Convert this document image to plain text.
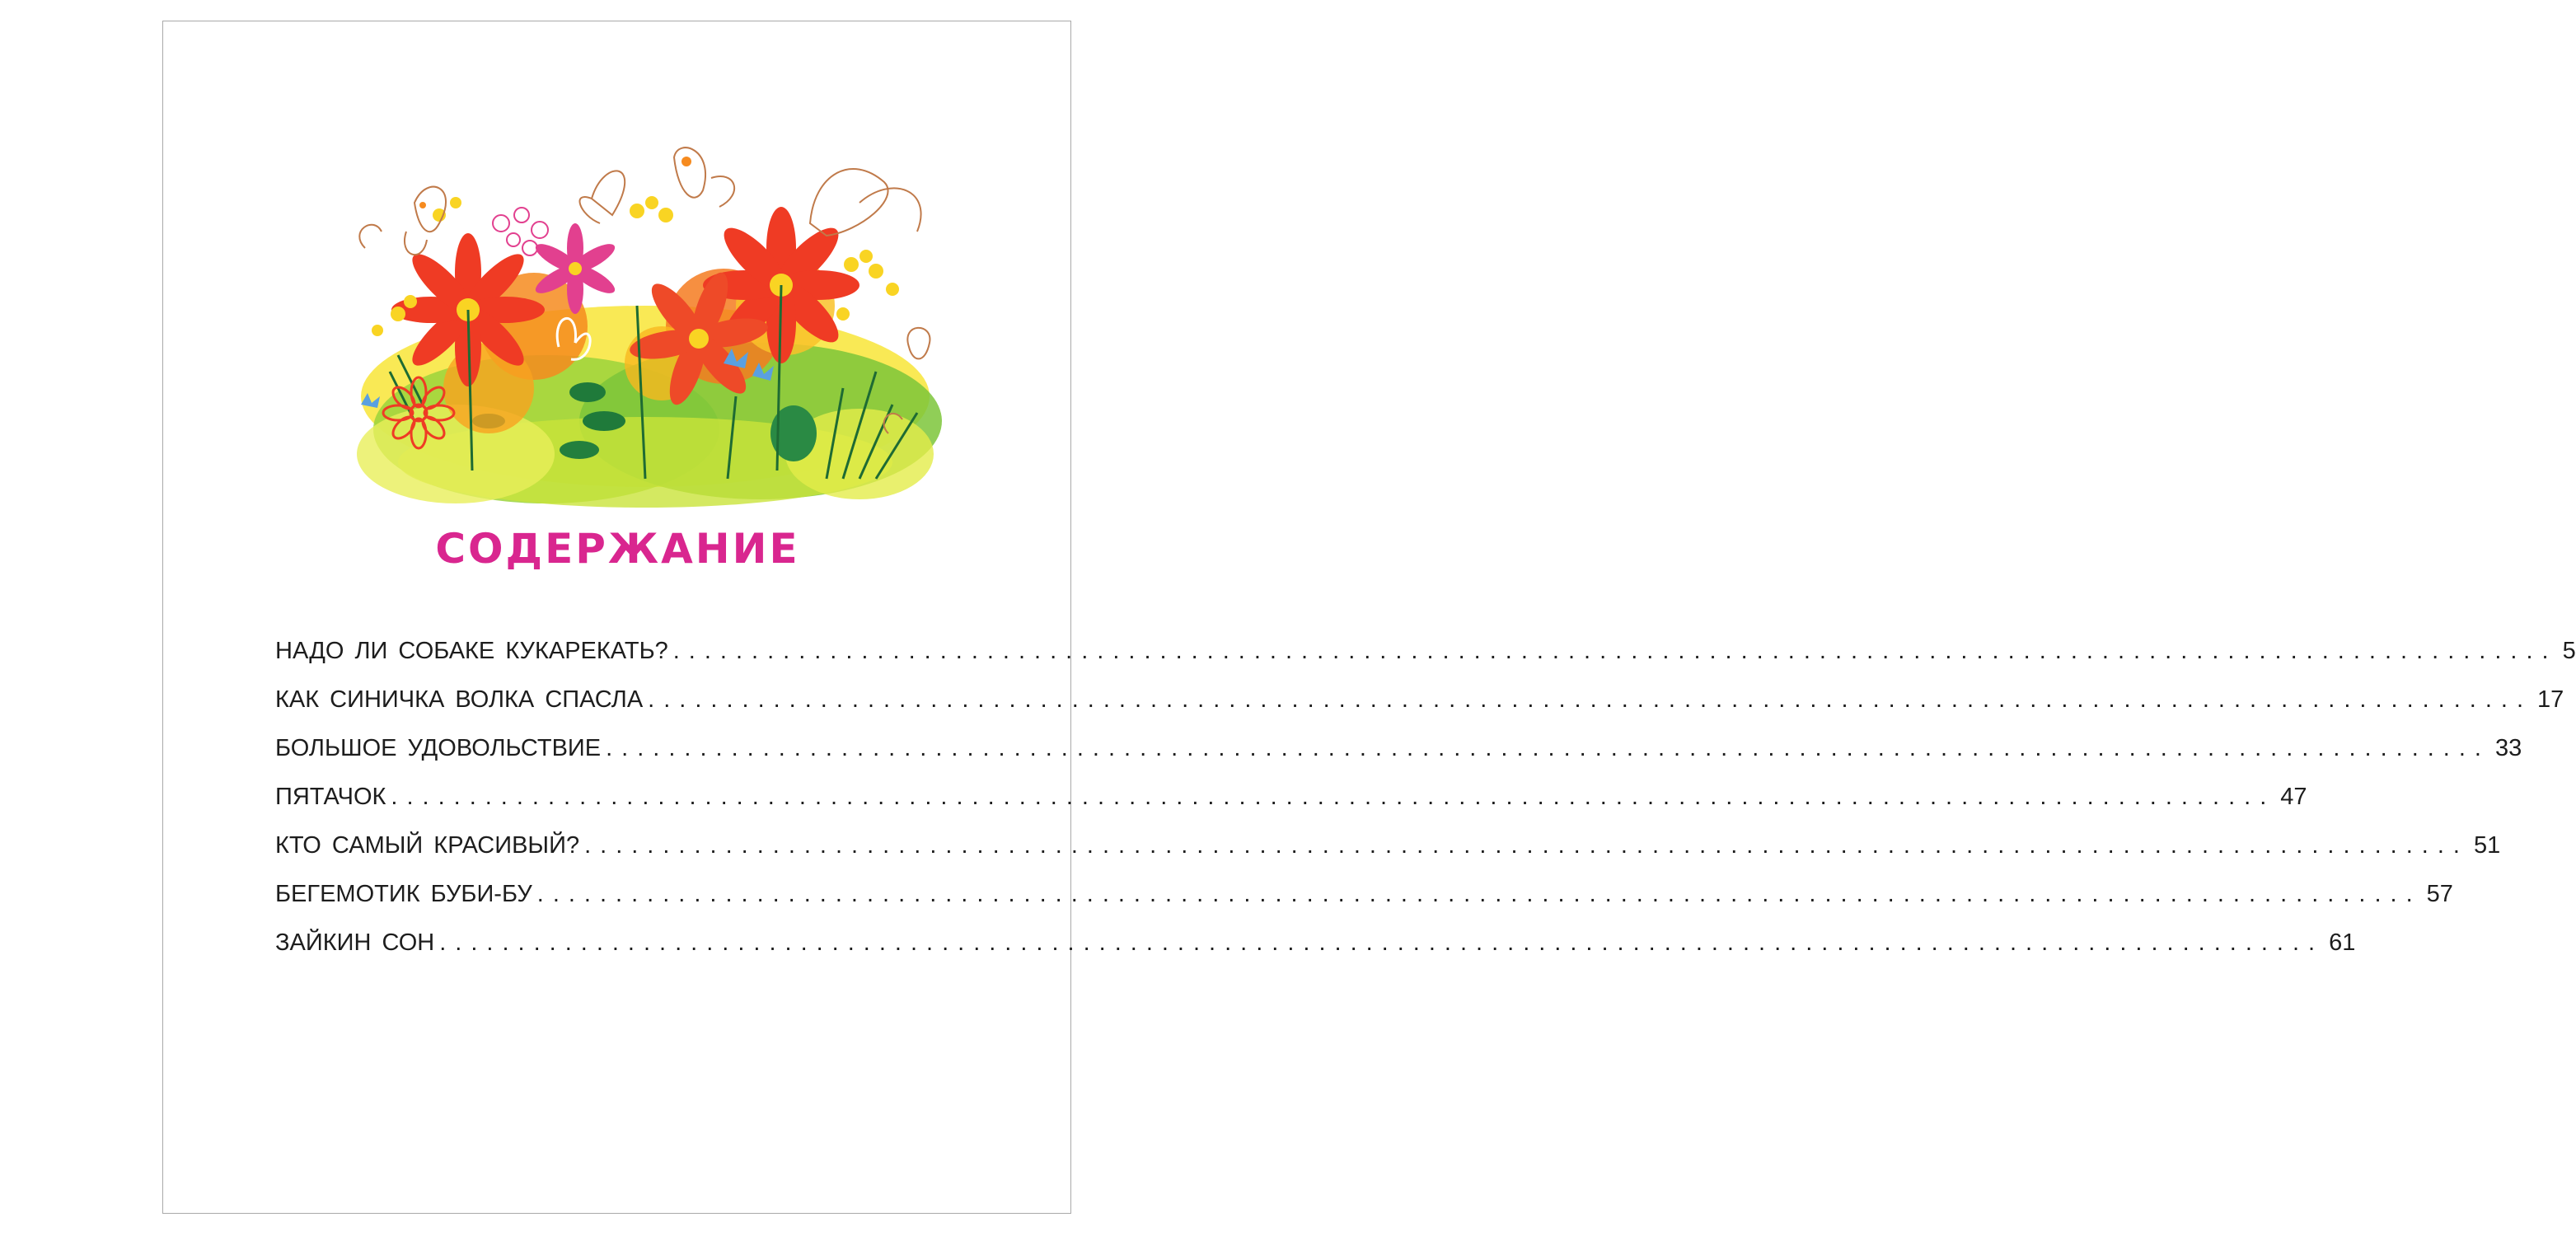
СОДЕРЖАНИЕ
НАДО ЛИ СОБАКЕ КУКАРЕКАТЬ? ........................................................................................................................ 5
КАК СИНИЧКА ВОЛКА СПАСЛА ........................................................................................................................ 17
БОЛЬШОЕ УДОВОЛЬСТВИЕ ........................................................................................................................ 33
ПЯТАЧОК ........................................................................................................................ 47
КТО САМЫЙ КРАСИВЫЙ? ........................................................................................................................ 51
БЕГЕМОТИК БУБИ-БУ ........................................................................................................................ 57
ЗАЙКИН СОН ........................................................................................................................ 61
